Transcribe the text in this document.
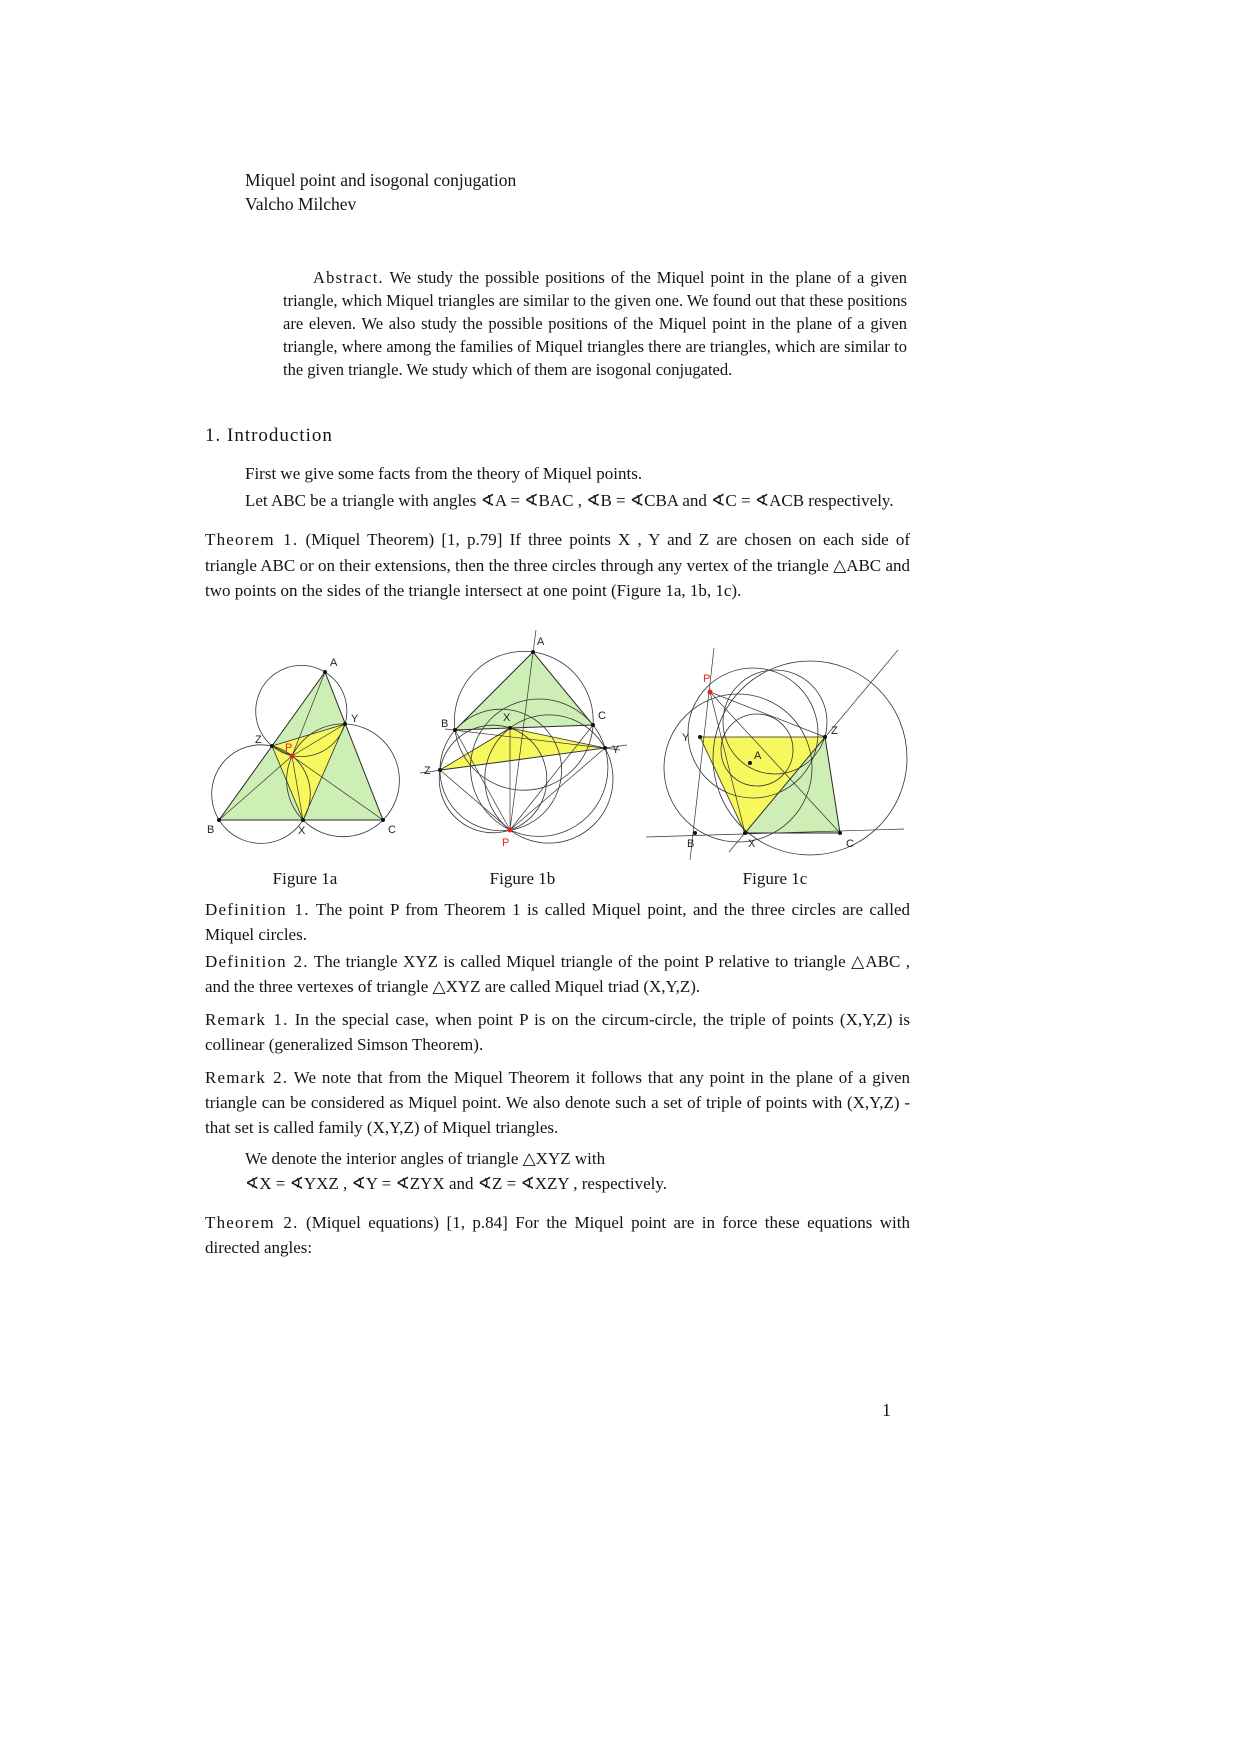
Miquel point and isogonal conjugation
Valcho Milchev

Abstract. We study the possible positions of the Miquel point in the plane of a given triangle, which Miquel triangles are similar to the given one. We found out that these positions are eleven. We also study the possible positions of the Miquel point in the plane of a given triangle, where among the families of Miquel triangles there are triangles, which are similar to the given triangle. We study which of them are isogonal conjugated.

1. Introduction

First we give some facts from the theory of Miquel points.

Let ABC be a triangle with angles ∢A = ∢BAC , ∢B = ∢CBA and ∢C = ∢ACB respectively.

Theorem 1. (Miquel Theorem) [1, p.79] If three points X , Y and Z are chosen on each side of triangle ABC or on their extensions, then the three circles through any vertex of the triangle △ABC and two points on the sides of the triangle intersect at one point (Figure 1a, 1b, 1c).

A
B	C
Z
Y
X
P
Figure 1a
A
B
C
X
Z
Y
P
Figure 1b
P
Y
Z
A
B	X	C
Figure 1c

Definition 1. The point P from Theorem 1 is called Miquel point, and the three circles are called Miquel circles.

Definition 2. The triangle XYZ is called Miquel triangle of the point P relative to triangle △ABC , and the three vertexes of triangle △XYZ are called Miquel triad (X,Y,Z).

Remark 1. In the special case, when point P is on the circum-circle, the triple of points (X,Y,Z) is collinear (generalized Simson Theorem).

Remark 2. We note that from the Miquel Theorem it follows that any point in the plane of a given triangle can be considered as Miquel point. We also denote such a set of triple of points with (X,Y,Z) - that set is called family (X,Y,Z) of Miquel triangles.

We denote the interior angles of triangle △XYZ with
∢X = ∢YXZ , ∢Y = ∢ZYX and ∢Z = ∢XZY , respectively.

Theorem 2. (Miquel equations) [1, p.84] For the Miquel point are in force these equations with directed angles:

1
